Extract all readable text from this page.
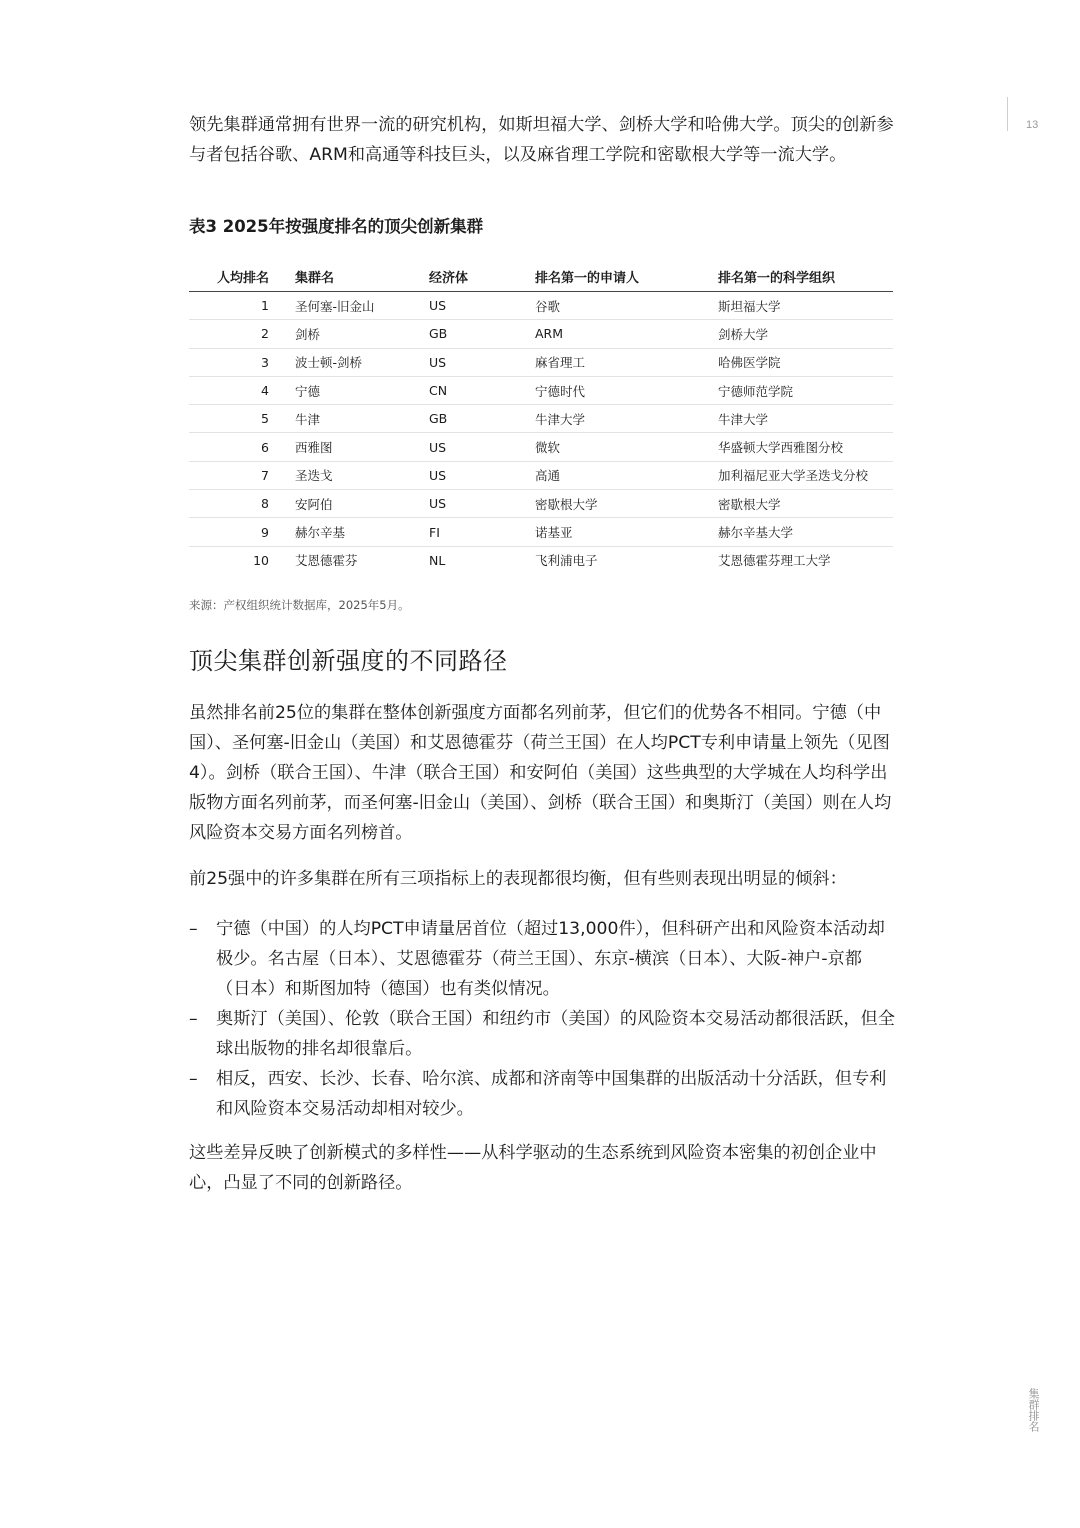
13

领先集群通常拥有世界一流的研究机构，如斯坦福大学、剑桥大学和哈佛大学。顶尖的创新参与者包括谷歌、ARM和高通等科技巨头，以及麻省理工学院和密歇根大学等一流大学。

表3 2025年按强度排名的顶尖创新集群
人均排名	集群名	经济体	排名第一的申请人	排名第一的科学组织
1	圣何塞-旧金山	US	谷歌	斯坦福大学
2	剑桥	GB	ARM	剑桥大学
3	波士顿-剑桥	US	麻省理工	哈佛医学院
4	宁德	CN	宁德时代	宁德师范学院
5	牛津	GB	牛津大学	牛津大学
6	西雅图	US	微软	华盛顿大学西雅图分校
7	圣迭戈	US	高通	加利福尼亚大学圣迭戈分校
8	安阿伯	US	密歇根大学	密歇根大学
9	赫尔辛基	FI	诺基亚	赫尔辛基大学
10	艾恩德霍芬	NL	飞利浦电子	艾恩德霍芬理工大学

来源：产权组织统计数据库，2025年5月。

顶尖集群创新强度的不同路径

虽然排名前25位的集群在整体创新强度方面都名列前茅，但它们的优势各不相同。宁德（中国）、圣何塞-旧金山（美国）和艾恩德霍芬（荷兰王国）在人均PCT专利申请量上领先（见图4）。剑桥（联合王国）、牛津（联合王国）和安阿伯（美国）这些典型的大学城在人均科学出版物方面名列前茅，而圣何塞-旧金山（美国）、剑桥（联合王国）和奥斯汀（美国）则在人均风险资本交易方面名列榜首。

前25强中的许多集群在所有三项指标上的表现都很均衡，但有些则表现出明显的倾斜：

– 宁德（中国）的人均PCT申请量居首位（超过13,000件），但科研产出和风险资本活动却极少。名古屋（日本）、艾恩德霍芬（荷兰王国）、东京-横滨（日本）、大阪-神户-京都（日本）和斯图加特（德国）也有类似情况。
– 奥斯汀（美国）、伦敦（联合王国）和纽约市（美国）的风险资本交易活动都很活跃，但全球出版物的排名却很靠后。
– 相反，西安、长沙、长春、哈尔滨、成都和济南等中国集群的出版活动十分活跃，但专利和风险资本交易活动却相对较少。

这些差异反映了创新模式的多样性——从科学驱动的生态系统到风险资本密集的初创企业中心，凸显了不同的创新路径。

集群排名
